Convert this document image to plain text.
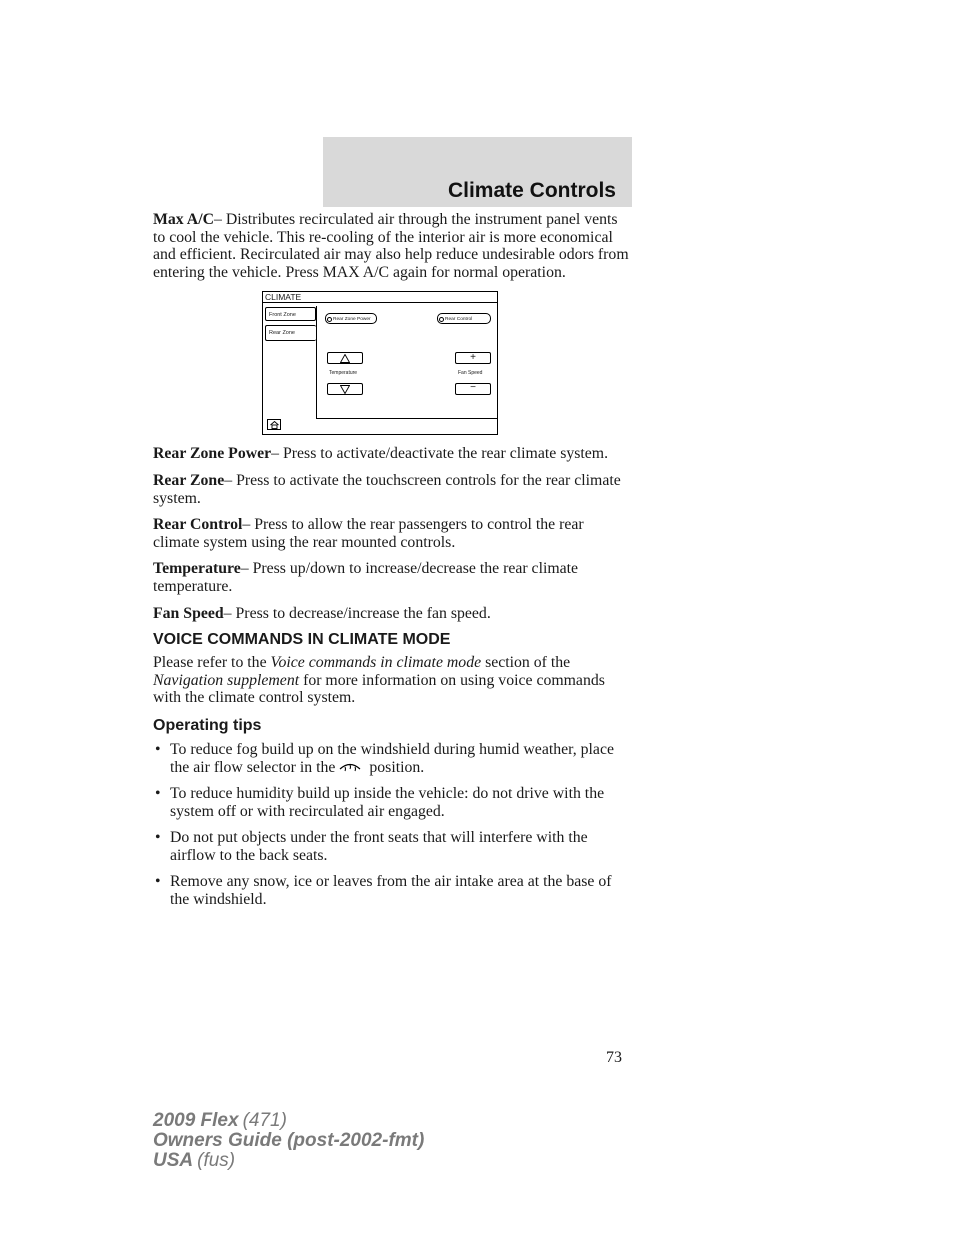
Climate Controls

Max A/C– Distributes recirculated air through the instrument panel vents to cool the vehicle. This re-cooling of the interior air is more economical and efficient. Recirculated air may also help reduce undesirable odors from entering the vehicle. Press MAX A/C again for normal operation.

CLIMATE
Front Zone
Rear Zone
Rear Zone Power	Rear Control
+
−
Temperature	Fan Speed

Rear Zone Power– Press to activate/deactivate the rear climate system.

Rear Zone– Press to activate the touchscreen controls for the rear climate system.

Rear Control– Press to allow the rear passengers to control the rear climate system using the rear mounted controls.

Temperature– Press up/down to increase/decrease the rear climate temperature.

Fan Speed– Press to decrease/increase the fan speed.

VOICE COMMANDS IN CLIMATE MODE

Please refer to the Voice commands in climate mode section of the
Navigation supplement for more information on using voice commands with the climate control system.

Operating tips
• To reduce fog build up on the windshield during humid weather, place the air flow selector in the position.
• To reduce humidity build up inside the vehicle: do not drive with the system off or with recirculated air engaged.
• Do not put objects under the front seats that will interfere with the airflow to the back seats.
• Remove any snow, ice or leaves from the air intake area at the base of the windshield.
73
2009 Flex (471)
Owners Guide (post-2002-fmt)
USA (fus)
